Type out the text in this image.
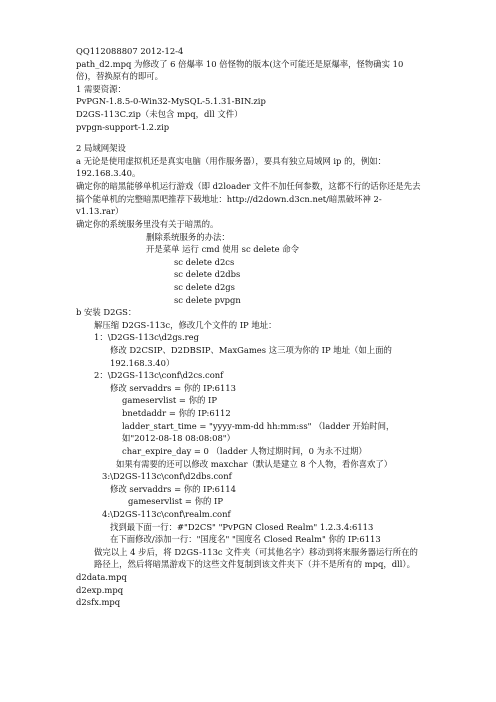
QQ112088807 2012-12-4
path_d2.mpq 为修改了 6 倍爆率 10 倍怪物的版本(这个可能还是原爆率，怪物确实 10 倍)，替换原有的即可。
1 需要资源：
PvPGN-1.8.5-0-Win32-MySQL-5.1.31-BIN.zip
D2GS-113C.zip（未包含 mpq，dll 文件）
pvpgn-support-1.2.zip
2 局域网架设
a 无论是使用虚拟机还是真实电脑（用作服务器），要具有独立局域网 ip 的，例如：192.168.3.40。
确定你的暗黑能够单机运行游戏（即 d2loader 文件不加任何参数，这都不行的话你还是先去搞个能单机的完整暗黑吧推荐下载地址：http://d2down.d3cn.net/暗黑破坏神 2-v1.13.rar）
确定你的系统服务里没有关于暗黑的。
删除系统服务的办法：
开是菜单 运行 cmd 使用 sc delete 命令
sc delete d2cs
sc delete d2dbs
sc delete d2gs
sc delete pvpgn
b 安装 D2GS：
解压缩 D2GS-113c，修改几个文件的 IP 地址：
1：\D2GS-113c\d2gs.reg
修改 D2CSIP、D2DBSIP、MaxGames 这三项为你的 IP 地址（如上面的 192.168.3.40）
2：\D2GS-113c\conf\d2cs.conf
修改 servaddrs = 你的 IP:6113
gameservlist = 你的 IP
bnetdaddr = 你的 IP:6112
ladder_start_time = "yyyy-mm-dd hh:mm:ss" （ladder 开始时间，如"2012-08-18 08:08:08"）
char_expire_day = 0 （ladder 人物过期时间，0 为永不过期）
如果有需要的还可以修改 maxchar（默认是建立 8 个人物，看你喜欢了）
3:\D2GS-113c\conf\d2dbs.conf
修改 servaddrs = 你的 IP:6114
gameservlist = 你的 IP
4:\D2GS-113c\conf\realm.conf
找到最下面一行：#"D2CS" "PvPGN Closed Realm" 1.2.3.4:6113
在下面修改/添加一行："国度名" "国度名 Closed Realm" 你的 IP:6113
做完以上 4 步后，将 D2GS-113c 文件夹（可其他名字）移动到将来服务器运行所在的路径上，然后将暗黑游戏下的这些文件复制到该文件夹下（并不是所有的 mpq，dll）。
d2data.mpq
d2exp.mpq
d2sfx.mpq
